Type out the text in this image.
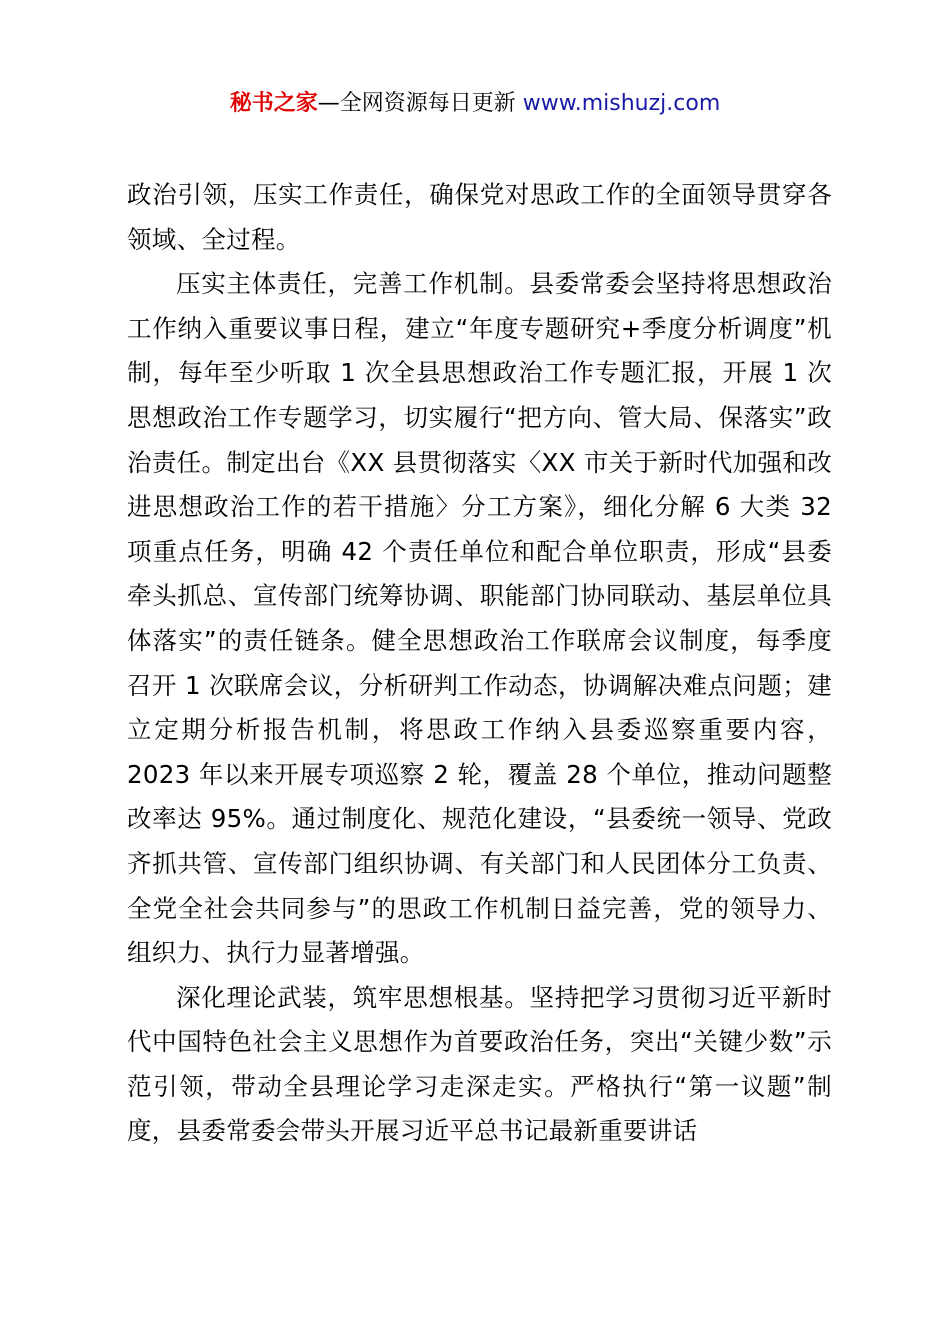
秘书之家—全网资源每日更新 www.mishuzj.com

政治引领，压实工作责任，确保党对思政工作的全面领导贯穿各领域、全过程。

压实主体责任，完善工作机制。县委常委会坚持将思想政治工作纳入重要议事日程，建立“年度专题研究+季度分析调度”机制，每年至少听取 1 次全县思想政治工作专题汇报，开展 1 次思想政治工作专题学习，切实履行“把方向、管大局、保落实”政治责任。制定出台《XX 县贯彻落实〈XX 市关于新时代加强和改进思想政治工作的若干措施〉分工方案》，细化分解 6 大类 32 项重点任务，明确 42 个责任单位和配合单位职责，形成“县委牵头抓总、宣传部门统筹协调、职能部门协同联动、基层单位具体落实”的责任链条。健全思想政治工作联席会议制度，每季度召开 1 次联席会议，分析研判工作动态，协调解决难点问题；建立定期分析报告机制，将思政工作纳入县委巡察重要内容，2023 年以来开展专项巡察 2 轮，覆盖 28 个单位，推动问题整改率达 95%。通过制度化、规范化建设，“县委统一领导、党政齐抓共管、宣传部门组织协调、有关部门和人民团体分工负责、全党全社会共同参与”的思政工作机制日益完善，党的领导力、组织力、执行力显著增强。

深化理论武装，筑牢思想根基。坚持把学习贯彻习近平新时代中国特色社会主义思想作为首要政治任务，突出“关键少数”示范引领，带动全县理论学习走深走实。严格执行“第一议题”制度，县委常委会带头开展习近平总书记最新重要讲话
